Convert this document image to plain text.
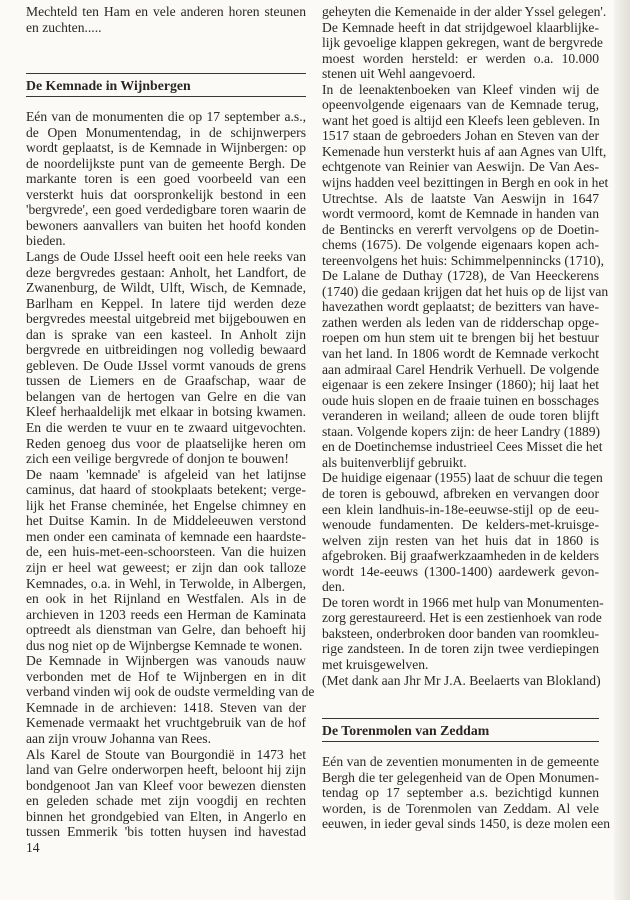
Mechteld ten Ham en vele anderen horen steunen
en zuchten.....
De Kemnade in Wijnbergen
Eén van de monumenten die op 17 september a.s.,
de Open Monumentendag, in de schijnwerpers
wordt geplaatst, is de Kemnade in Wijnbergen: op
de noordelijkste punt van de gemeente Bergh. De
markante toren is een goed voorbeeld van een
versterkt huis dat oorspronkelijk bestond in een
'bergvrede', een goed verdedigbare toren waarin de
bewoners aanvallers van buiten het hoofd konden
bieden.
Langs de Oude IJssel heeft ooit een hele reeks van
deze bergvredes gestaan: Anholt, het Landfort, de
Zwanenburg, de Wildt, Ulft, Wisch, de Kemnade,
Barlham en Keppel. In latere tijd werden deze
bergvredes meestal uitgebreid met bijgebouwen en
dan is sprake van een kasteel. In Anholt zijn
bergvrede en uitbreidingen nog volledig bewaard
gebleven. De Oude IJssel vormt vanouds de grens
tussen de Liemers en de Graafschap, waar de
belangen van de hertogen van Gelre en die van
Kleef herhaaldelijk met elkaar in botsing kwamen.
En die werden te vuur en te zwaard uitgevochten.
Reden genoeg dus voor de plaatselijke heren om
zich een veilige bergvrede of donjon te bouwen!
De naam 'kemnade' is afgeleid van het latijnse
caminus, dat haard of stookplaats betekent; verge-
lijk het Franse cheminée, het Engelse chimney en
het Duitse Kamin. In de Middeleeuwen verstond
men onder een caminata of kemnade een haardste-
de, een huis-met-een-schoorsteen. Van die huizen
zijn er heel wat geweest; er zijn dan ook talloze
Kemnades, o.a. in Wehl, in Terwolde, in Albergen,
en ook in het Rijnland en Westfalen. Als in de
archieven in 1203 reeds een Herman de Kaminata
optreedt als dienstman van Gelre, dan behoeft hij
dus nog niet op de Wijnbergse Kemnade te wonen.
De Kemnade in Wijnbergen was vanouds nauw
verbonden met de Hof te Wijnbergen en in dit
verband vinden wij ook de oudste vermelding van de
Kemnade in de archieven: 1418. Steven van der
Kemenade vermaakt het vruchtgebruik van de hof
aan zijn vrouw Johanna van Rees.
Als Karel de Stoute van Bourgondië in 1473 het
land van Gelre onderworpen heeft, beloont hij zijn
bondgenoot Jan van Kleef voor bewezen diensten
en geleden schade met zijn voogdij en rechten
binnen het grondgebied van Elten, in Angerlo en
tussen Emmerik 'bis totten huysen ind havestad
14
geheyten die Kemenaide in der alder Yssel gelegen'.
De Kemnade heeft in dat strijdgewoel klaarblijke-
lijk gevoelige klappen gekregen, want de bergvrede
moest worden hersteld: er werden o.a. 10.000
stenen uit Wehl aangevoerd.
In de leenaktenboeken van Kleef vinden wij de
opeenvolgende eigenaars van de Kemnade terug,
want het goed is altijd een Kleefs leen gebleven. In
1517 staan de gebroeders Johan en Steven van der
Kemenade hun versterkt huis af aan Agnes van Ulft,
echtgenote van Reinier van Aeswijn. De Van Aes-
wijns hadden veel bezittingen in Bergh en ook in het
Utrechtse. Als de laatste Van Aeswijn in 1647
wordt vermoord, komt de Kemnade in handen van
de Bentincks en vererft vervolgens op de Doetin-
chems (1675). De volgende eigenaars kopen ach-
tereenvolgens het huis: Schimmelpennincks (1710),
De Lalane de Duthay (1728), de Van Heeckerens
(1740) die gedaan krijgen dat het huis op de lijst van
havezathen wordt geplaatst; de bezitters van have-
zathen werden als leden van de ridderschap opge-
roepen om hun stem uit te brengen bij het bestuur
van het land. In 1806 wordt de Kemnade verkocht
aan admiraal Carel Hendrik Verhuell. De volgende
eigenaar is een zekere Insinger (1860); hij laat het
oude huis slopen en de fraaie tuinen en bosschages
veranderen in weiland; alleen de oude toren blijft
staan. Volgende kopers zijn: de heer Landry (1889)
en de Doetinchemse industrieel Cees Misset die het
als buitenverblijf gebruikt.
De huidige eigenaar (1955) laat de schuur die tegen
de toren is gebouwd, afbreken en vervangen door
een klein landhuis-in-18e-eeuwse-stijl op de eeu-
wenoude fundamenten. De kelders-met-kruisge-
welven zijn resten van het huis dat in 1860 is
afgebroken. Bij graafwerkzaamheden in de kelders
wordt 14e-eeuws (1300-1400) aardewerk gevon-
den.
De toren wordt in 1966 met hulp van Monumenten-
zorg gerestaureerd. Het is een zestienhoek van rode
baksteen, onderbroken door banden van roomkleu-
rige zandsteen. In de toren zijn twee verdiepingen
met kruisgewelven.
(Met dank aan Jhr Mr J.A. Beelaerts van Blokland)
De Torenmolen van Zeddam
Eén van de zeventien monumenten in de gemeente
Bergh die ter gelegenheid van de Open Monumen-
tendag op 17 september a.s. bezichtigd kunnen
worden, is de Torenmolen van Zeddam. Al vele
eeuwen, in ieder geval sinds 1450, is deze molen een
